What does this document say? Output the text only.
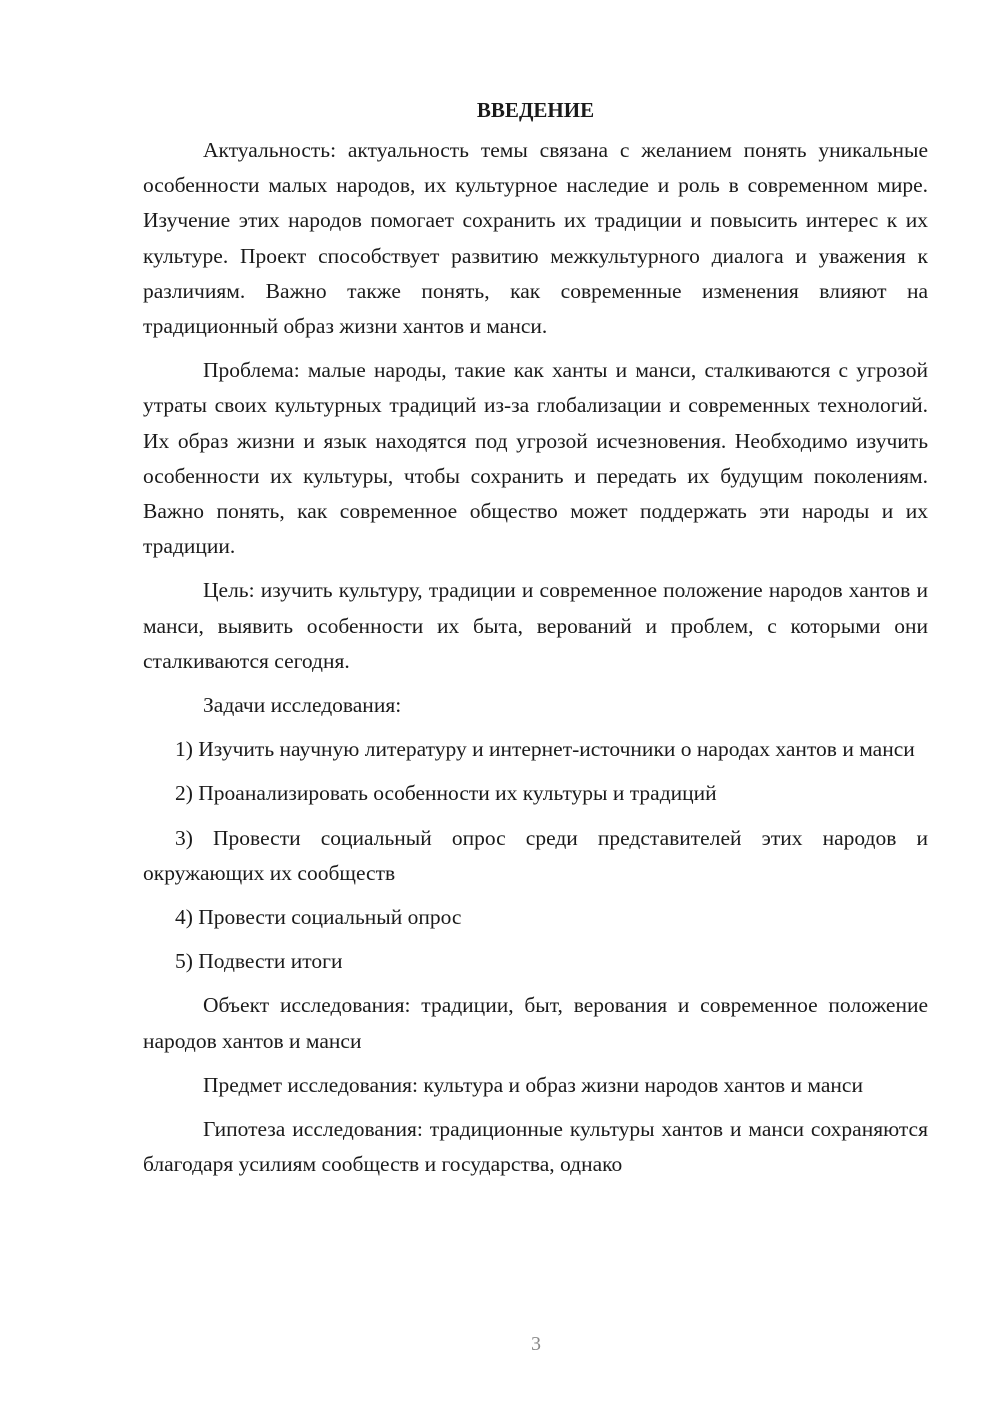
ВВЕДЕНИЕ

Актуальность: актуальность темы связана с желанием понять уникальные особенности малых народов, их культурное наследие и роль в современном мире. Изучение этих народов помогает сохранить их традиции и повысить интерес к их культуре. Проект способствует развитию межкультурного диалога и уважения к различиям. Важно также понять, как современные изменения влияют на традиционный образ жизни хантов и манси.

Проблема: малые народы, такие как ханты и манси, сталкиваются с угрозой утраты своих культурных традиций из-за глобализации и современных технологий. Их образ жизни и язык находятся под угрозой исчезновения. Необходимо изучить особенности их культуры, чтобы сохранить и передать их будущим поколениям. Важно понять, как современное общество может поддержать эти народы и их традиции.

Цель: изучить культуру, традиции и современное положение народов хантов и манси, выявить особенности их быта, верований и проблем, с которыми они сталкиваются сегодня.

Задачи исследования:

1) Изучить научную литературу и интернет-источники о народах хантов и манси

2) Проанализировать особенности их культуры и традиций

3) Провести социальный опрос среди представителей этих народов и окружающих их сообществ

4) Провести социальный опрос

5) Подвести итоги

Объект исследования: традиции, быт, верования и современное положение народов хантов и манси

Предмет исследования: культура и образ жизни народов хантов и манси

Гипотеза исследования: традиционные культуры хантов и манси сохраняются благодаря усилиям сообществ и государства, однако

3
